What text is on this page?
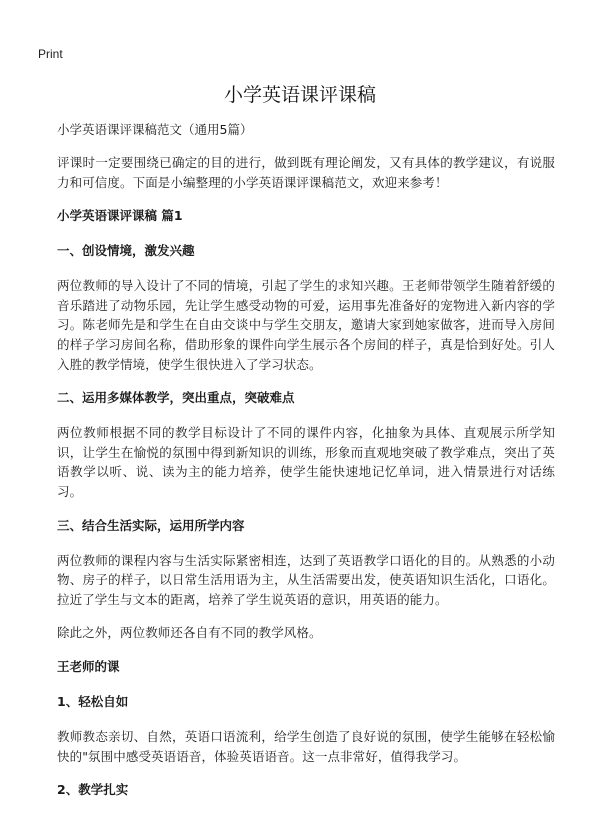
Print
小学英语课评课稿
小学英语课评课稿范文（通用5篇）

评课时一定要围绕已确定的目的进行，做到既有理论阐发，又有具体的教学建议，有说服力和可信度。下面是小编整理的小学英语课评课稿范文，欢迎来参考！

小学英语课评课稿 篇1
一、创设情境，激发兴趣

两位教师的导入设计了不同的情境，引起了学生的求知兴趣。王老师带领学生随着舒缓的音乐踏进了动物乐园，先让学生感受动物的可爱，运用事先准备好的宠物进入新内容的学习。陈老师先是和学生在自由交谈中与学生交朋友，邀请大家到她家做客，进而导入房间的样子学习房间名称，借助形象的课件向学生展示各个房间的样子，真是恰到好处。引人入胜的教学情境，使学生很快进入了学习状态。

二、运用多媒体教学，突出重点，突破难点

两位教师根据不同的教学目标设计了不同的课件内容，化抽象为具体、直观展示所学知识，让学生在愉悦的氛围中得到新知识的训练，形象而直观地突破了教学难点，突出了英语教学以听、说、读为主的能力培养，使学生能快速地记忆单词，进入情景进行对话练习。

三、结合生活实际，运用所学内容

两位教师的课程内容与生活实际紧密相连，达到了英语教学口语化的目的。从熟悉的小动物、房子的样子，以日常生活用语为主，从生活需要出发，使英语知识生活化，口语化。拉近了学生与文本的距离，培养了学生说英语的意识，用英语的能力。

除此之外，两位教师还各自有不同的教学风格。

王老师的课
1、轻松自如

教师教态亲切、自然，英语口语流利，给学生创造了良好说的氛围，使学生能够在轻松愉快的"氛围中感受英语语音，体验英语语音。这一点非常好，值得我学习。

2、教学扎实
